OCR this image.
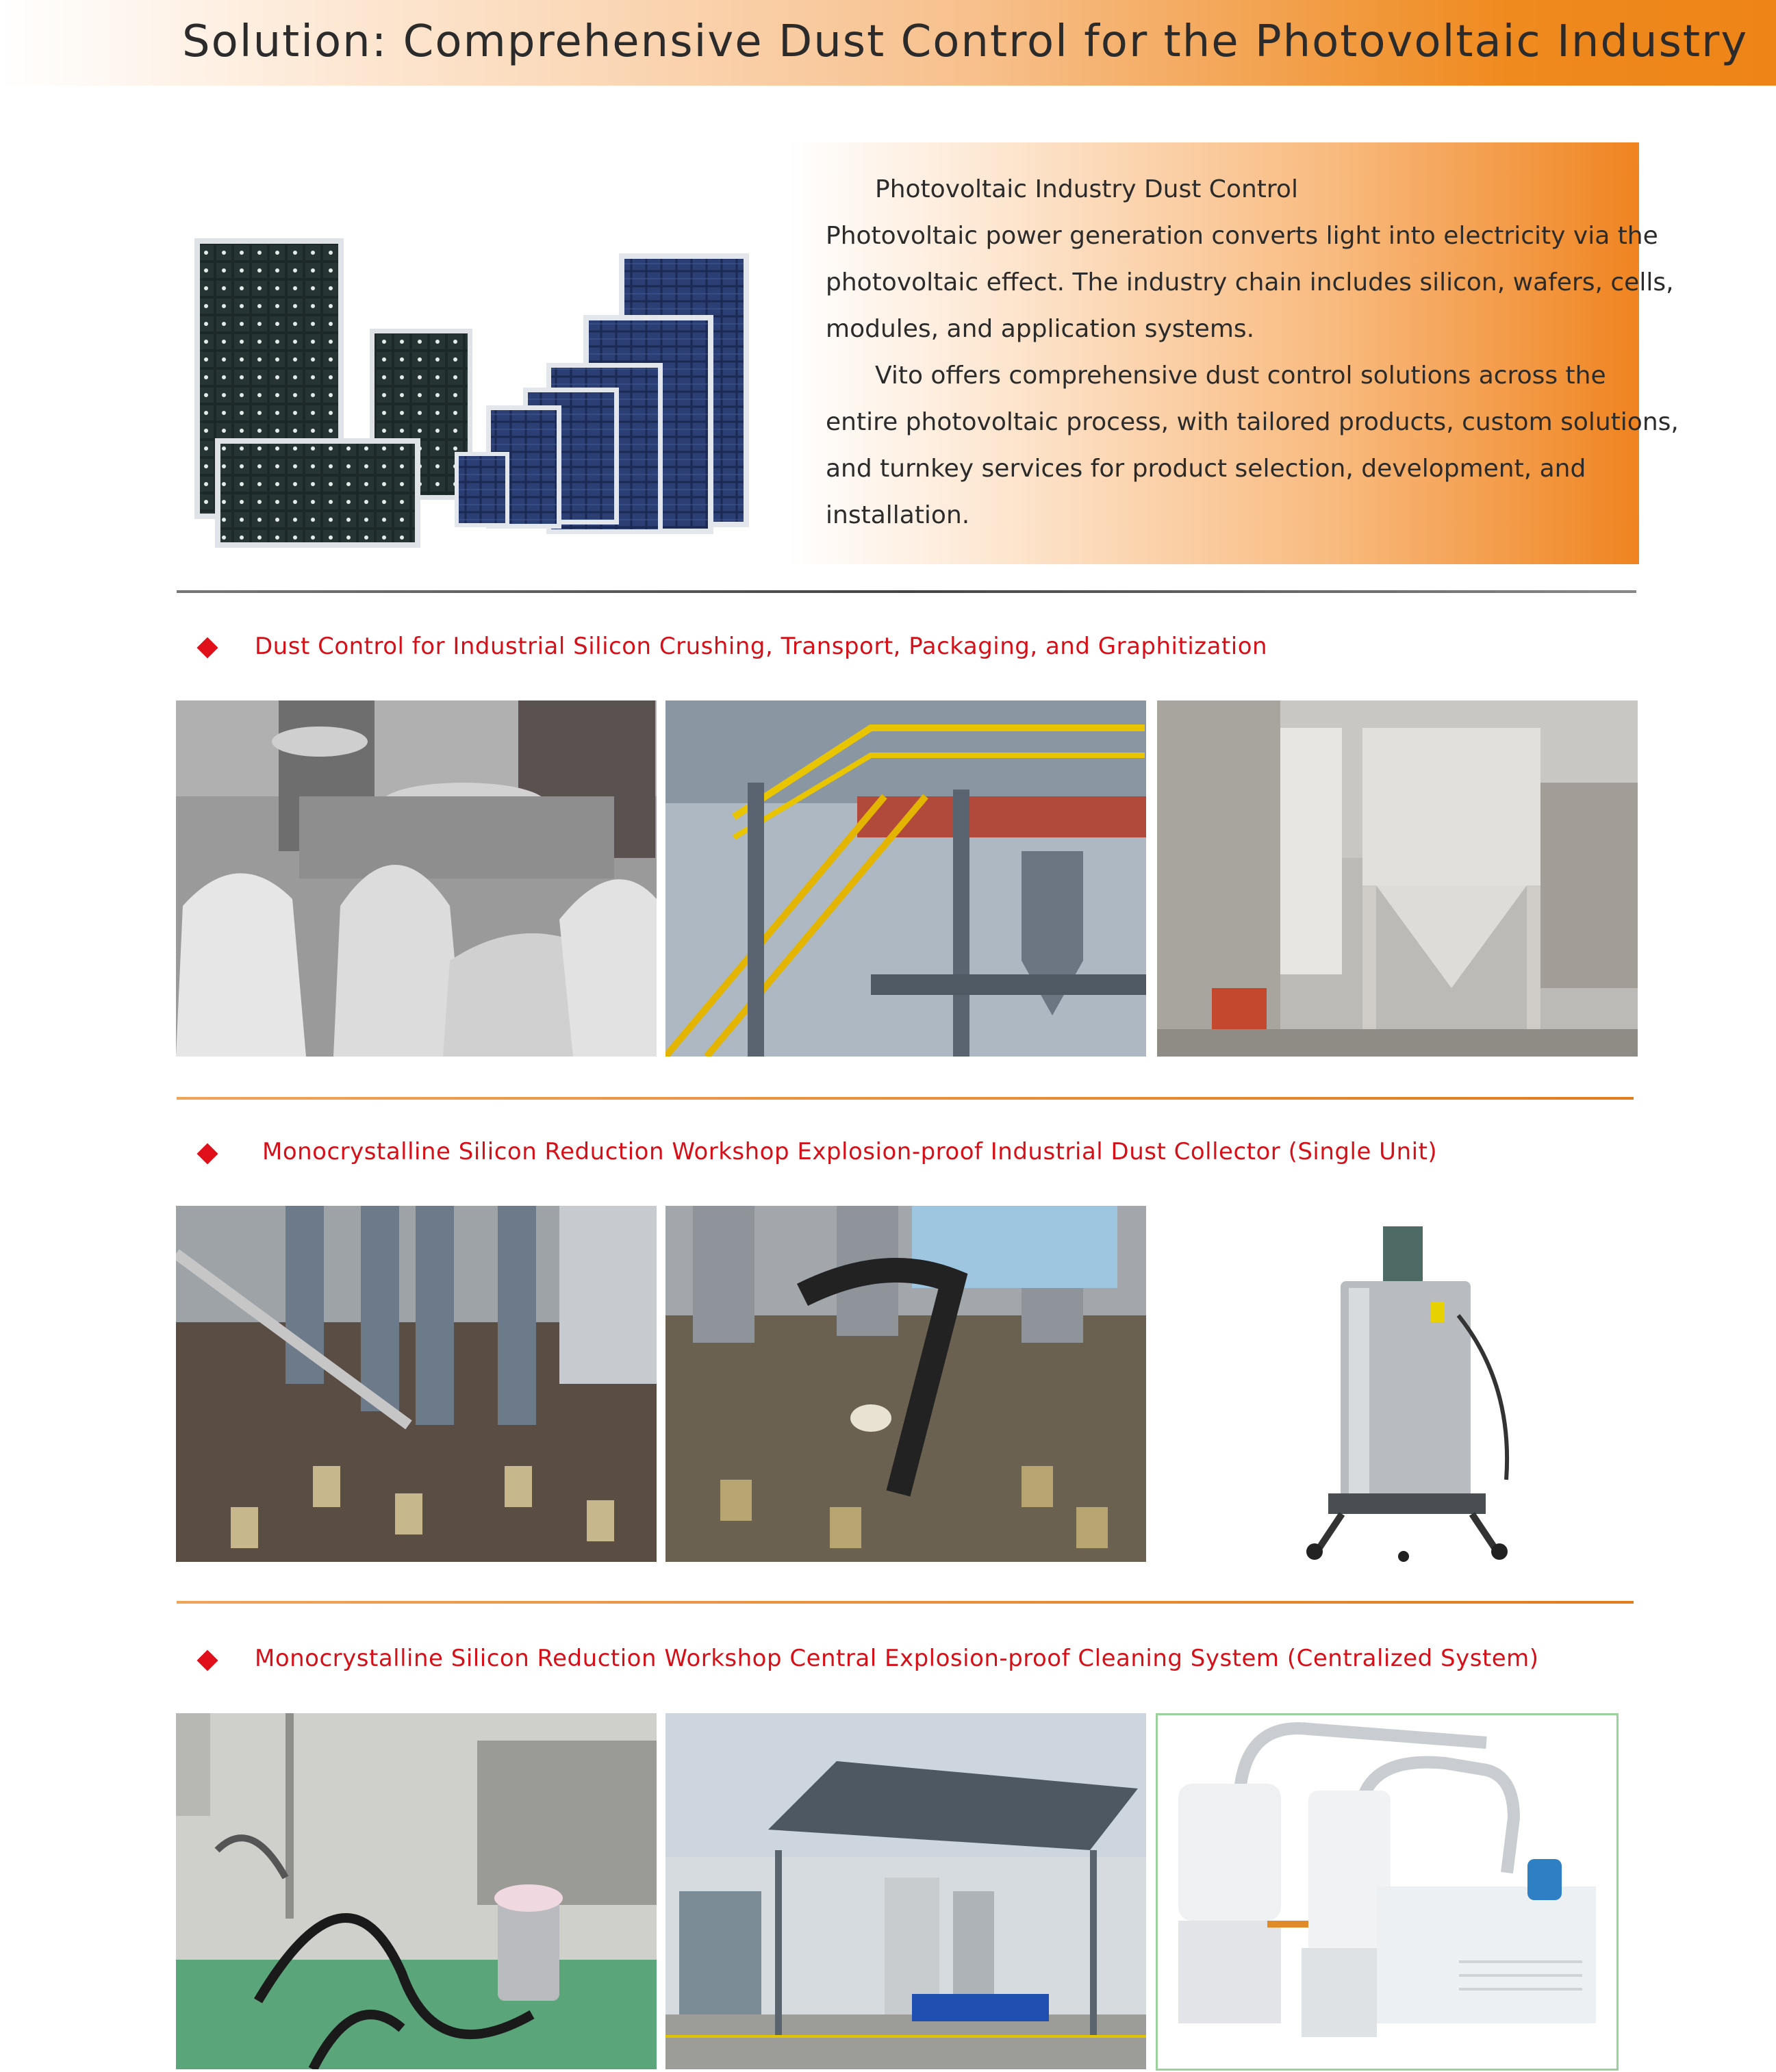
Solution: Comprehensive Dust Control for the Photovoltaic Industry
Photovoltaic Industry Dust Control
Photovoltaic power generation converts light into electricity via the
photovoltaic effect. The industry chain includes silicon, wafers, cells,
modules, and application systems.
Vito offers comprehensive dust control solutions across the
entire photovoltaic process, with tailored products, custom solutions,
and turnkey services for product selection, development, and
installation.
Dust Control for Industrial Silicon Crushing, Transport, Packaging, and Graphitization
Monocrystalline Silicon Reduction Workshop Explosion-proof Industrial Dust Collector (Single Unit)
Monocrystalline Silicon Reduction Workshop Central Explosion-proof Cleaning System (Centralized System)
